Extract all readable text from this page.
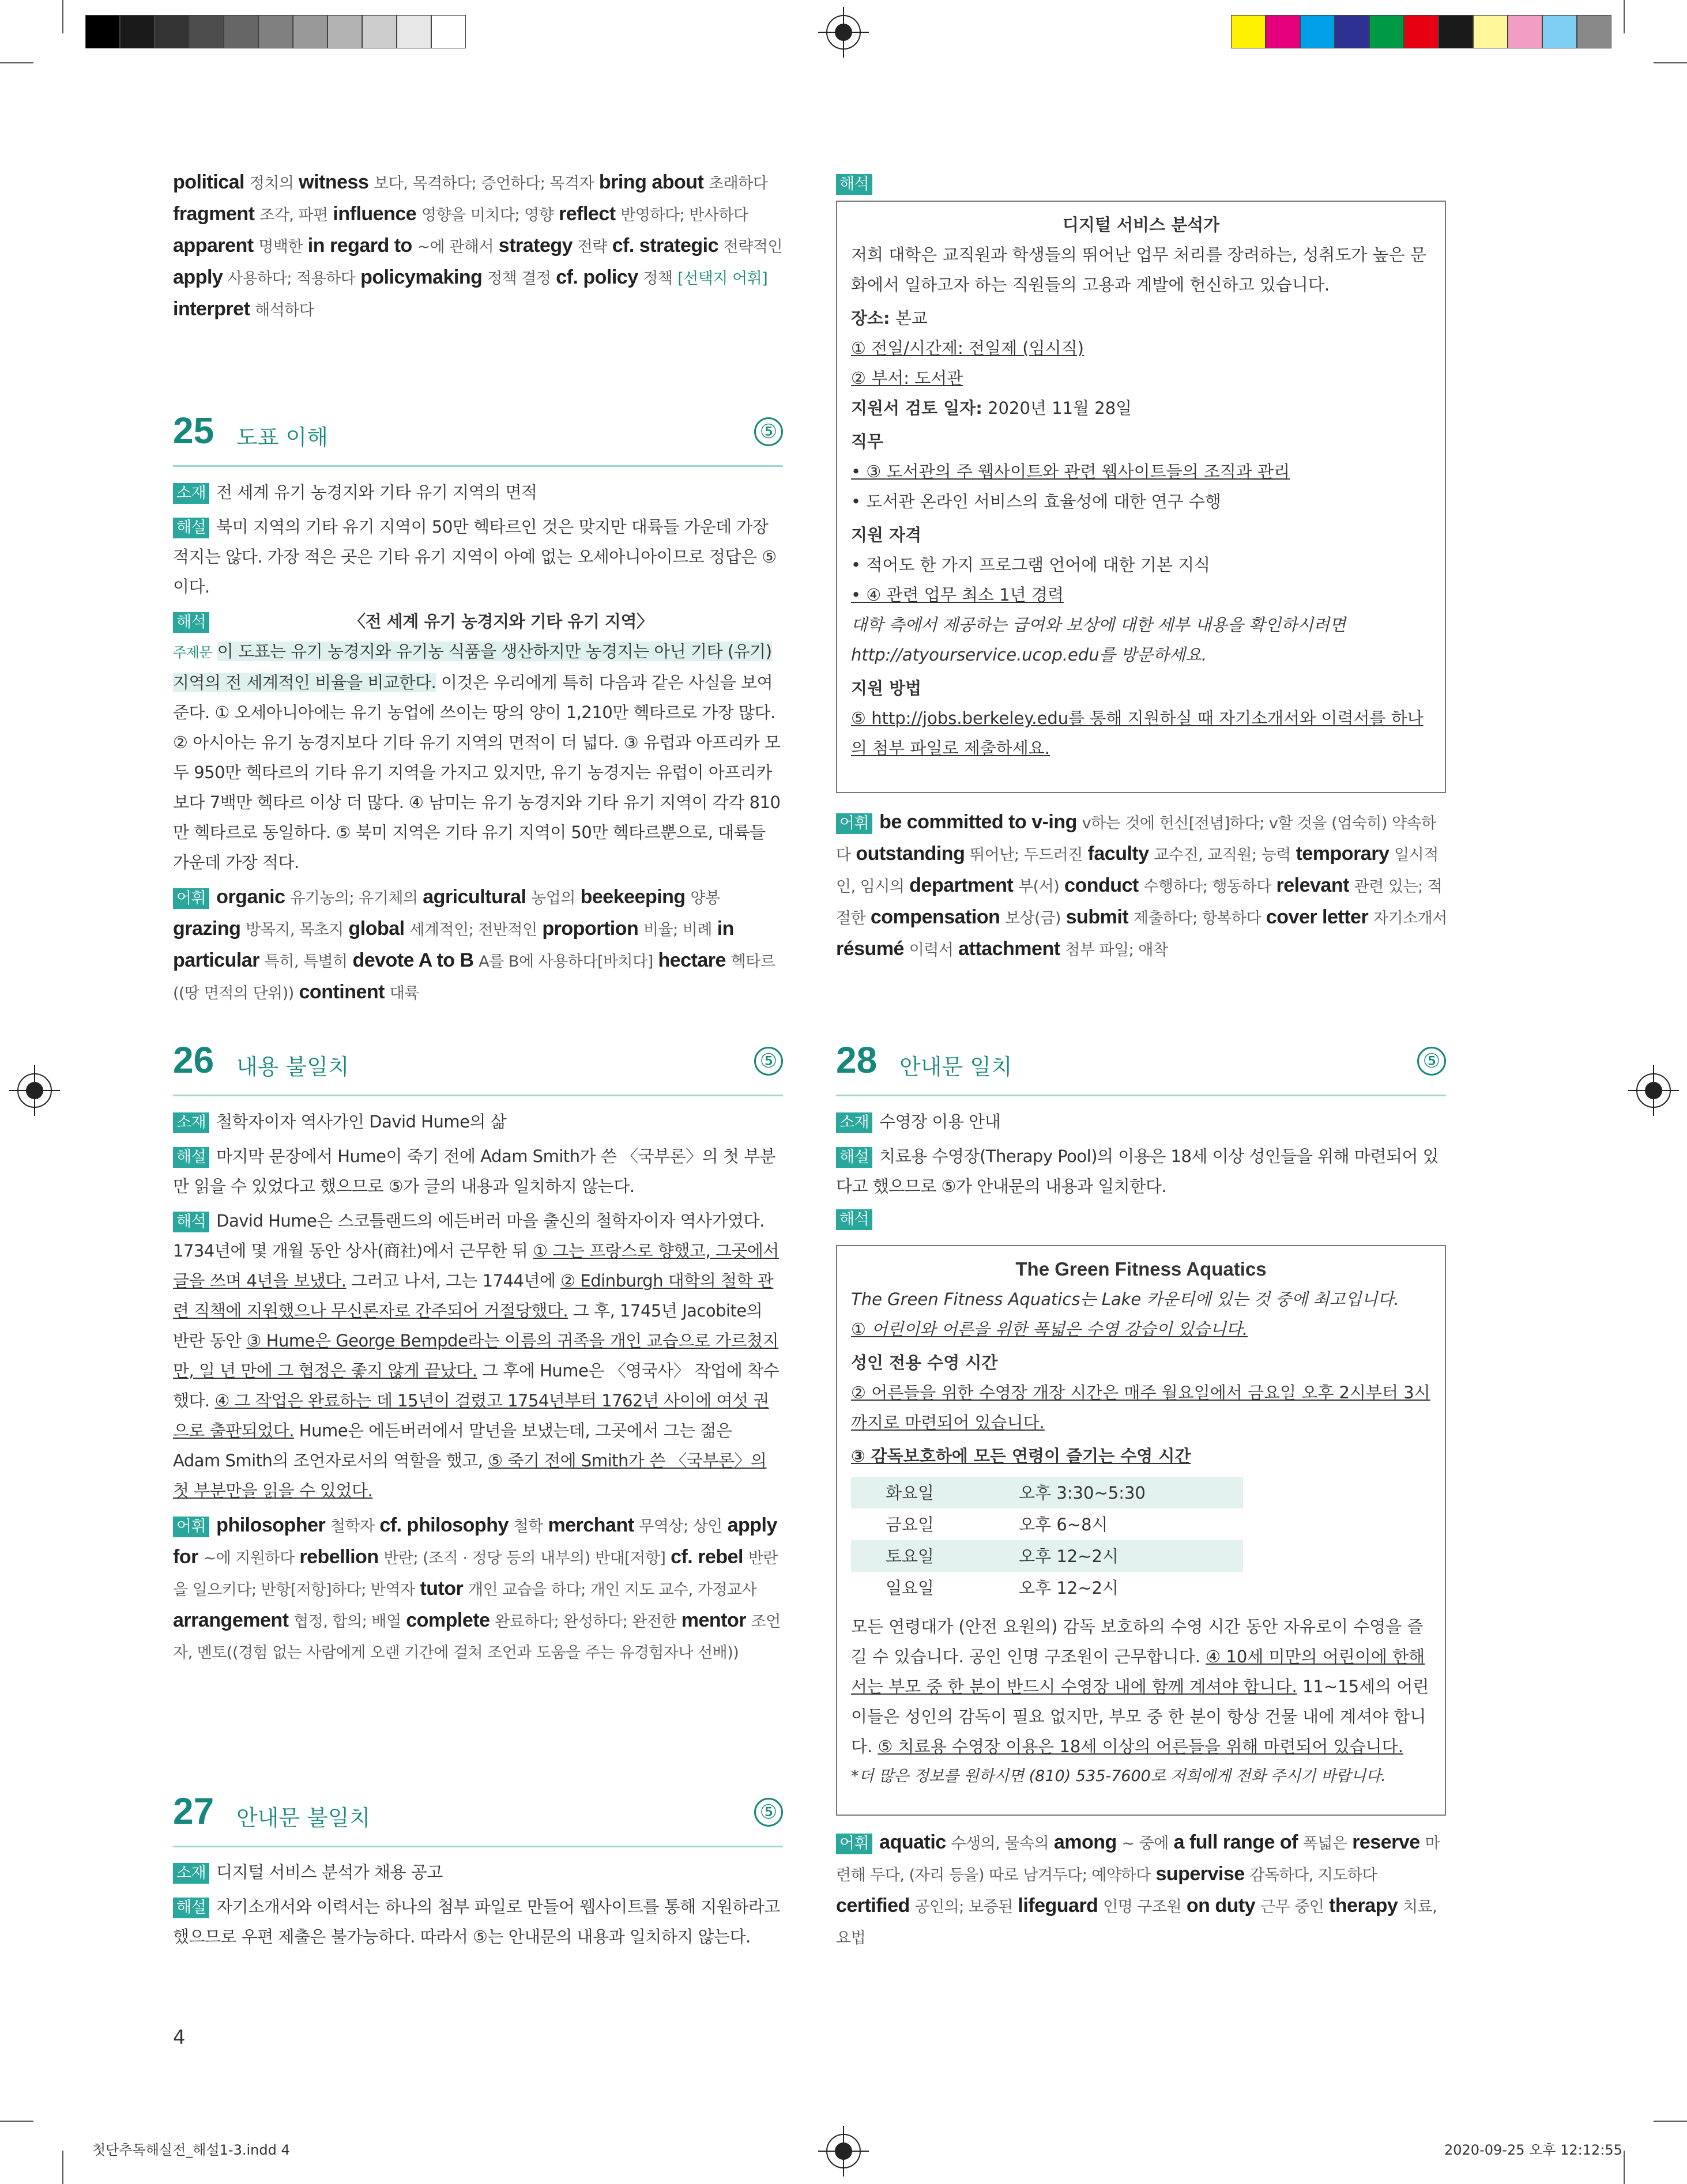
political 정치의 witness 보다, 목격하다; 증언하다; 목격자 bring about 초래하다 fragment 조각, 파편 influence 영향을 미치다; 영향 reflect 반영하다; 반사하다 apparent 명백한 in regard to ~에 관해서 strategy 전략 cf. strategic 전략적인 apply 사용하다; 적용하다 policymaking 정책 결정 cf. policy 정책 [선택지 어휘] interpret 해석하다

25 도표 이해	⑤

소재 전 세계 유기 농경지와 기타 유기 지역의 면적

해설 북미 지역의 기타 유기 지역이 50만 헥타르인 것은 맞지만 대륙들 가운데 가장 적지는 않다. 가장 적은 곳은 기타 유기 지역이 아예 없는 오세아니아이므로 정답은 ⑤이다.

해석	〈전 세계 유기 농경지와 기타 유기 지역〉

주제문 이 도표는 유기 농경지와 유기농 식품을 생산하지만 농경지는 아닌 기타 (유기) 지역의 전 세계적인 비율을 비교한다. 이것은 우리에게 특히 다음과 같은 사실을 보여준다. ① 오세아니아에는 유기 농업에 쓰이는 땅의 양이 1,210만 헥타르로 가장 많다. ② 아시아는 유기 농경지보다 기타 유기 지역의 면적이 더 넓다. ③ 유럽과 아프리카 모두 950만 헥타르의 기타 유기 지역을 가지고 있지만, 유기 농경지는 유럽이 아프리카보다 7백만 헥타르 이상 더 많다. ④ 남미는 유기 농경지와 기타 유기 지역이 각각 810만 헥타르로 동일하다. ⑤ 북미 지역은 기타 유기 지역이 50만 헥타르뿐으로, 대륙들 가운데 가장 적다.

어휘 organic 유기농의; 유기체의 agricultural 농업의 beekeeping 양봉 grazing 방목지, 목초지 global 세계적인; 전반적인 proportion 비율; 비례 in particular 특히, 특별히 devote A to B A를 B에 사용하다[바치다] hectare 헥타르((땅 면적의 단위)) continent 대륙

26 내용 불일치	⑤

소재 철학자이자 역사가인 David Hume의 삶

해설 마지막 문장에서 Hume이 죽기 전에 Adam Smith가 쓴 〈국부론〉의 첫 부분만 읽을 수 있었다고 했으므로 ⑤가 글의 내용과 일치하지 않는다.

해석 David Hume은 스코틀랜드의 에든버러 마을 출신의 철학자이자 역사가였다. 1734년에 몇 개월 동안 상사(商社)에서 근무한 뒤 ① 그는 프랑스로 향했고, 그곳에서 글을 쓰며 4년을 보냈다. 그러고 나서, 그는 1744년에 ② Edinburgh 대학의 철학 관련 직책에 지원했으나 무신론자로 간주되어 거절당했다. 그 후, 1745년 Jacobite의 반란 동안 ③ Hume은 George Bempde라는 이름의 귀족을 개인 교습으로 가르쳤지만, 일 년 만에 그 협정은 좋지 않게 끝났다. 그 후에 Hume은 〈영국사〉 작업에 착수했다. ④ 그 작업은 완료하는 데 15년이 걸렸고 1754년부터 1762년 사이에 여섯 권으로 출판되었다. Hume은 에든버러에서 말년을 보냈는데, 그곳에서 그는 젊은 Adam Smith의 조언자로서의 역할을 했고, ⑤ 죽기 전에 Smith가 쓴 〈국부론〉의 첫 부분만을 읽을 수 있었다.

어휘 philosopher 철학자 cf. philosophy 철학 merchant 무역상; 상인 apply for ~에 지원하다 rebellion 반란; (조직 · 정당 등의 내부의) 반대[저항] cf. rebel 반란을 일으키다; 반항[저항]하다; 반역자 tutor 개인 교습을 하다; 개인 지도 교수, 가정교사 arrangement 협정, 합의; 배열 complete 완료하다; 완성하다; 완전한 mentor 조언자, 멘토((경험 없는 사람에게 오랜 기간에 걸쳐 조언과 도움을 주는 유경험자나 선배))

27 안내문 불일치	⑤

소재 디지털 서비스 분석가 채용 공고

해설 자기소개서와 이력서는 하나의 첨부 파일로 만들어 웹사이트를 통해 지원하라고 했으므로 우편 제출은 불가능하다. 따라서 ⑤는 안내문의 내용과 일치하지 않는다.

4

해석

디지털 서비스 분석가

저희 대학은 교직원과 학생들의 뛰어난 업무 처리를 장려하는, 성취도가 높은 문화에서 일하고자 하는 직원들의 고용과 계발에 헌신하고 있습니다.

장소: 본교

① 전일/시간제: 전일제 (임시직)

② 부서: 도서관

지원서 검토 일자: 2020년 11월 28일

직무

• ③ 도서관의 주 웹사이트와 관련 웹사이트들의 조직과 관리

• 도서관 온라인 서비스의 효율성에 대한 연구 수행

지원 자격

• 적어도 한 가지 프로그램 언어에 대한 기본 지식

• ④ 관련 업무 최소 1년 경력

대학 측에서 제공하는 급여와 보상에 대한 세부 내용을 확인하시려면 http://atyourservice.ucop.edu를 방문하세요.

지원 방법

⑤ http://jobs.berkeley.edu를 통해 지원하실 때 자기소개서와 이력서를 하나의 첨부 파일로 제출하세요.

어휘 be committed to v-ing v하는 것에 헌신[전념]하다; v할 것을 (엄숙히) 약속하다 outstanding 뛰어난; 두드러진 faculty 교수진, 교직원; 능력 temporary 일시적인, 임시의 department 부(서) conduct 수행하다; 행동하다 relevant 관련 있는; 적절한 compensation 보상(금) submit 제출하다; 항복하다 cover letter 자기소개서 résumé 이력서 attachment 첨부 파일; 애착

28 안내문 일치	⑤

소재 수영장 이용 안내

해설 치료용 수영장(Therapy Pool)의 이용은 18세 이상 성인들을 위해 마련되어 있다고 했으므로 ⑤가 안내문의 내용과 일치한다.

해석

The Green Fitness Aquatics

The Green Fitness Aquatics는 Lake 카운티에 있는 것 중에 최고입니다.

① 어린이와 어른을 위한 폭넓은 수영 강습이 있습니다.

성인 전용 수영 시간

② 어른들을 위한 수영장 개장 시간은 매주 월요일에서 금요일 오후 2시부터 3시까지로 마련되어 있습니다.

③ 감독보호하에 모든 연령이 즐기는 수영 시간

화요일	오후 3:30~5:30
금요일	오후 6~8시
토요일	오후 12~2시
일요일	오후 12~2시

모든 연령대가 (안전 요원의) 감독 보호하의 수영 시간 동안 자유로이 수영을 즐길 수 있습니다. 공인 인명 구조원이 근무합니다. ④ 10세 미만의 어린이에 한해서는 부모 중 한 분이 반드시 수영장 내에 함께 계셔야 합니다. 11~15세의 어린이들은 성인의 감독이 필요 없지만, 부모 중 한 분이 항상 건물 내에 계셔야 합니다. ⑤ 치료용 수영장 이용은 18세 이상의 어른들을 위해 마련되어 있습니다.

*더 많은 정보를 원하시면 (810) 535-7600로 저희에게 전화 주시기 바랍니다.

어휘 aquatic 수생의, 물속의 among ~ 중에 a full range of 폭넓은 reserve 마련해 두다, (자리 등을) 따로 남겨두다; 예약하다 supervise 감독하다, 지도하다 certified 공인의; 보증된 lifeguard 인명 구조원 on duty 근무 중인 therapy 치료, 요법

첫단추독해실전_해설1-3.indd 4	2020-09-25 오후 12:12:55
